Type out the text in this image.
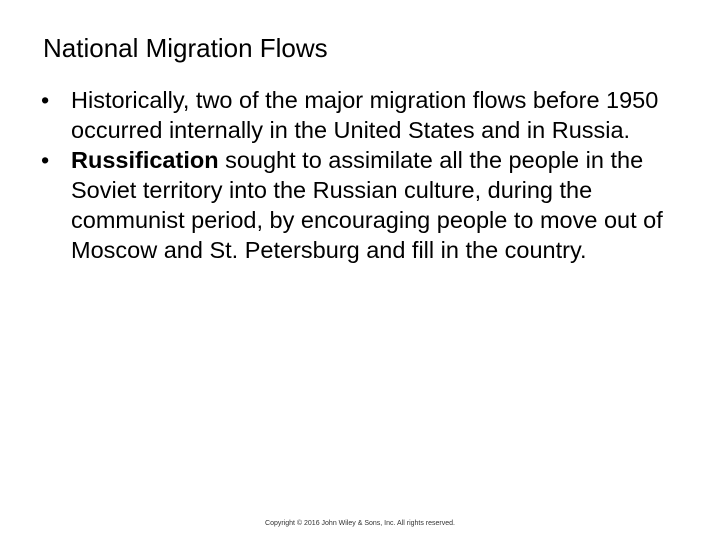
National Migration Flows
• Historically, two of the major migration flows before 1950 occurred internally in the United States and in Russia.
• Russification sought to assimilate all the people in the Soviet territory into the Russian culture, during the communist period, by encouraging people to move out of Moscow and St. Petersburg and fill in the country.
Copyright © 2016 John Wiley & Sons, Inc. All rights reserved.
